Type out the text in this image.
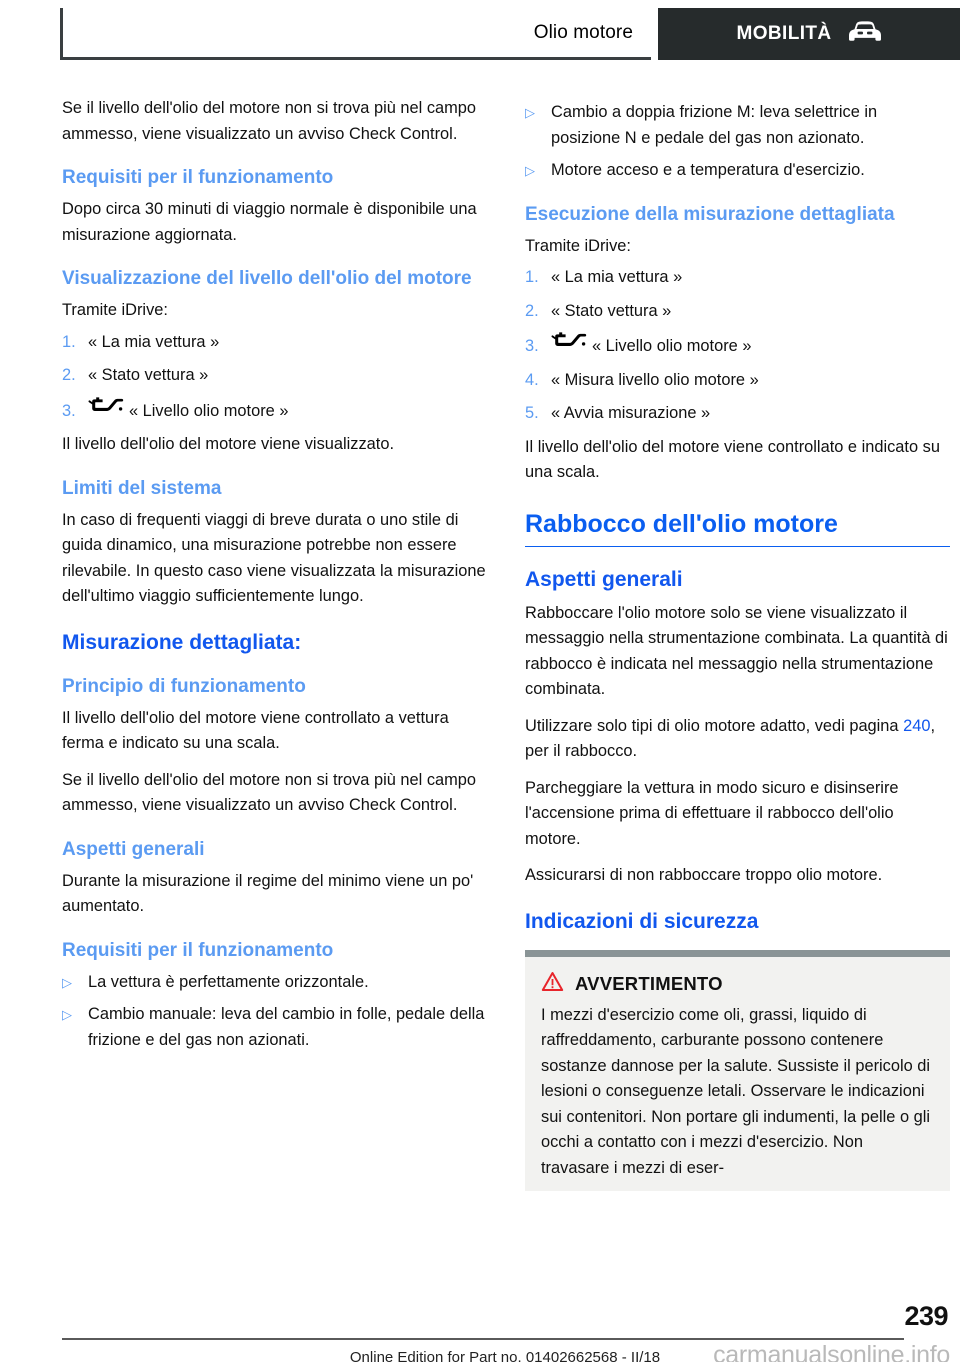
Olio motore	MOBILITÀ

Se il livello dell'olio del motore non si trova più nel campo ammesso, viene visualizzato un avviso Check Control.

Requisiti per il funzionamento

Dopo circa 30 minuti di viaggio normale è disponibile una misurazione aggiornata.

Visualizzazione del livello dell'olio del motore

Tramite iDrive:

1. « La mia vettura »
2. « Stato vettura »
3.	« Livello olio motore »

Il livello dell'olio del motore viene visualizzato.

Limiti del sistema

In caso di frequenti viaggi di breve durata o uno stile di guida dinamico, una misurazione potrebbe non essere rilevabile. In questo caso viene visualizzata la misurazione dell'ultimo viaggio sufficientemente lungo.

Misurazione dettagliata:
Principio di funzionamento

Il livello dell'olio del motore viene controllato a vettura ferma e indicato su una scala.

Se il livello dell'olio del motore non si trova più nel campo ammesso, viene visualizzato un avviso Check Control.

Aspetti generali

Durante la misurazione il regime del minimo viene un po' aumentato.

Requisiti per il funzionamento
▷ La vettura è perfettamente orizzontale.
▷ Cambio manuale: leva del cambio in folle, pedale della frizione e del gas non azionati.
▷ Cambio a doppia frizione M: leva selettrice in posizione N e pedale del gas non azionato.
▷ Motore acceso e a temperatura d'esercizio.
Esecuzione della misurazione dettagliata

Tramite iDrive:

1. « La mia vettura »
2. « Stato vettura »
3.	« Livello olio motore »
4. « Misura livello olio motore »
5. « Avvia misurazione »

Il livello dell'olio del motore viene controllato e indicato su una scala.

Rabbocco dell'olio motore
Aspetti generali

Rabboccare l'olio motore solo se viene visualizzato il messaggio nella strumentazione combinata. La quantità di rabbocco è indicata nel messaggio nella strumentazione combinata.

Utilizzare solo tipi di olio motore adatto, vedi pagina 240, per il rabbocco.

Parcheggiare la vettura in modo sicuro e disinserire l'accensione prima di effettuare il rabbocco dell'olio motore.

Assicurarsi di non rabboccare troppo olio motore.

Indicazioni di sicurezza
AVVERTIMENTO
I mezzi d'esercizio come oli, grassi, liquido di raffreddamento, carburante possono contenere sostanze dannose per la salute. Sussiste il pericolo di lesioni o conseguenze letali. Osservare le indicazioni sui contenitori. Non portare gli indumenti, la pelle o gli occhi a contatto con i mezzi d'esercizio. Non travasare i mezzi di eser-
239
Online Edition for Part no. 01402662568 - II/18	carmanualsonline.info
